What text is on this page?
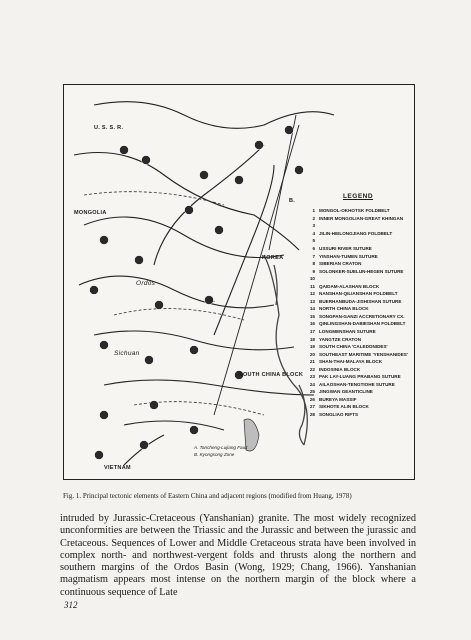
U. S. S. R.
MONGOLIA
Ordos
Sichuan
KOREA
VIETNAM
SOUTH CHINA BLOCK
A.
B.
LEGEND
1 MONGOL-OKHOTSK FOLDBELT
2 INNER MONGOLIAN-GREAT KHINGAN
3
4 JILIN-HEILONGJIANG FOLDBELT
5
6 USSURI RIVER SUTURE
7 YINSHAN-TUMEN SUTURE
8 SIBERIAN CRATON
9 SOLONKER-SUELUN-HEGEN SUTURE
10
11 QAIDAM-ALASHAN BLOCK
12 NANSHAN-QILIANSHAN FOLDBELT
13 BUERHANBUDA-JISHISHAN SUTURE
14 NORTH CHINA BLOCK
15 SONGPAN-GANZI ACCRETIONARY CX.
16 QINLINGSHAN-DABIESHAN FOLDBELT
17 LONGMENSHAN SUTURE
18 YANGTZE CRATON
19 SOUTH CHINA 'CALEDONIDES'
20 SOUTHEAST MARITIME 'YENSHANIDES'
21 SHAN-THAI-MALAYA BLOCK
22 INDOSINIA BLOCK
23 PAK LAY-LUANG PRABANG SUTURE
24 AILAOSHAN-TENGTIOHE SUTURE
25 JINGWAN GEANTICLINE
26 BUREYA MASSIF
27 SIKHOTE ALIN BLOCK
28 SONGLIAO RIFTS
A. Tancheng-Lujiang Fault
B. Kyongsong Zone
Fig. 1. Principal tectonic elements of Eastern China and adjacent regions (modified from Huang, 1978)
intruded by Jurassic-Cretaceous (Yanshanian) granite. The most widely recognized unconformities are between the Triassic and the Jurassic and between the jurassic and Cretaceous. Sequences of Lower and Middle Cretaceous strata have been involved in complex north- and northwest-vergent folds and thrusts along the northern and southern margins of the Ordos Basin (Wong, 1929; Chang, 1966). Yanshanian magmatism appears most intense on the northern margin of the block where a continuous sequence of Late
312
